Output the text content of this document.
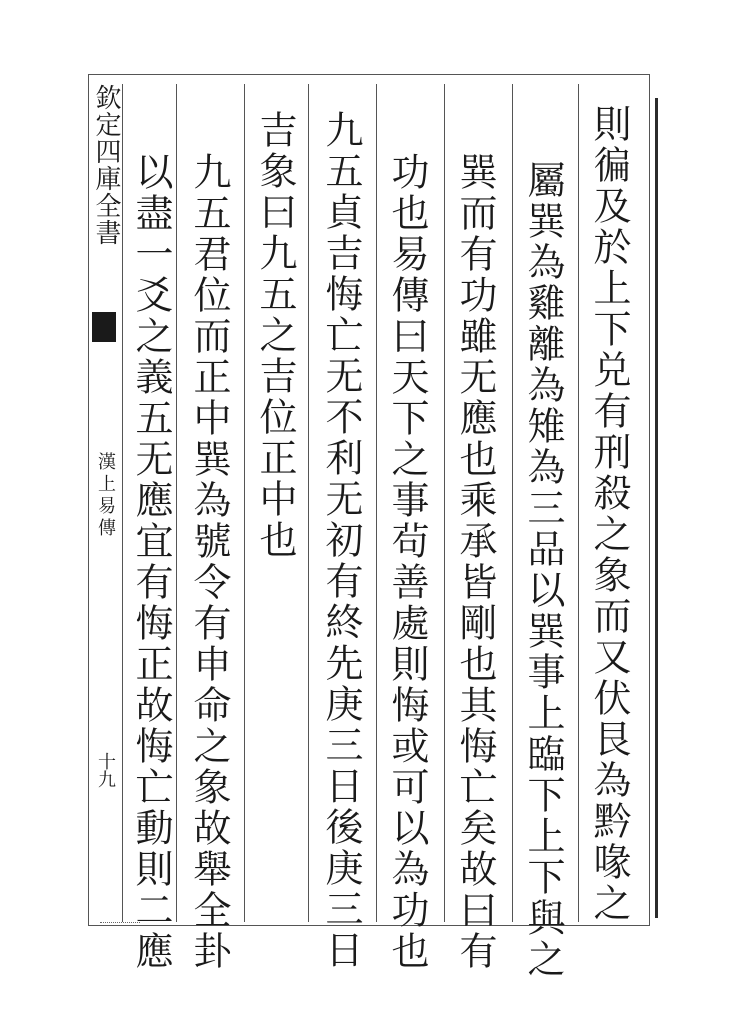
欽定四庫全書
漢上易傳
十九	則徧及於上下兑有刑殺之象而又伏艮為黔喙之
屬巽為雞離為雉為三品以巽事上臨下上下與之
巽而有功雖无應也乘承皆剛也其悔亡矣故曰有
功也易傳曰天下之事茍善處則悔或可以為功也
九五貞吉悔亡无不利无初有終先庚三日後庚三日
吉象曰九五之吉位正中也
九五君位而正中巽為號令有申命之象故舉全卦
以盡一爻之義五无應宜有悔正故悔亡動則二應
